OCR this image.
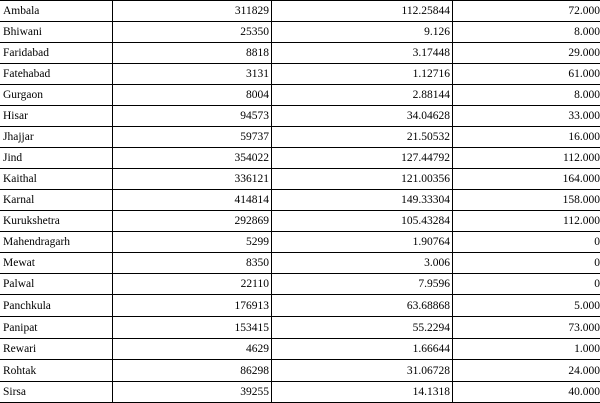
Ambala	311829	112.25844	72.000
Bhiwani	25350	9.126	8.000
Faridabad	8818	3.17448	29.000
Fatehabad	3131	1.12716	61.000
Gurgaon	8004	2.88144	8.000
Hisar	94573	34.04628	33.000
Jhajjar	59737	21.50532	16.000
Jind	354022	127.44792	112.000
Kaithal	336121	121.00356	164.000
Karnal	414814	149.33304	158.000
Kurukshetra	292869	105.43284	112.000
Mahendragarh	5299	1.90764	0
Mewat	8350	3.006	0
Palwal	22110	7.9596	0
Panchkula	176913	63.68868	5.000
Panipat	153415	55.2294	73.000
Rewari	4629	1.66644	1.000
Rohtak	86298	31.06728	24.000
Sirsa	39255	14.1318	40.000
